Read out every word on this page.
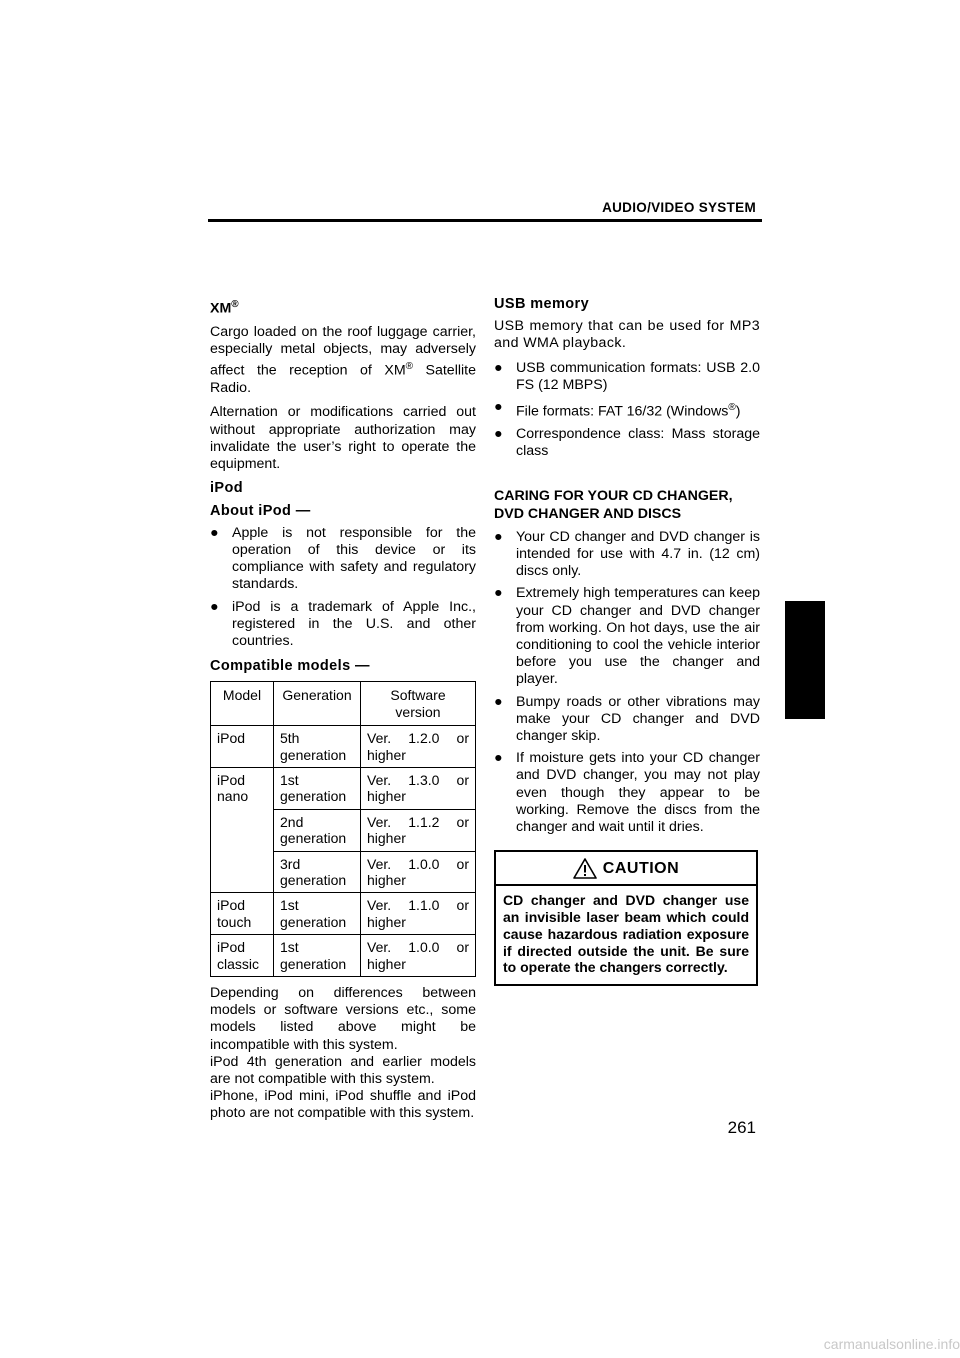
AUDIO/VIDEO SYSTEM
XM®

Cargo loaded on the roof luggage carrier, especially metal objects, may adversely affect the reception of XM® Satellite Radio.

Alternation or modifications carried out without appropriate authorization may invalidate the user’s right to operate the equipment.

iPod
About iPod —
● Apple is not responsible for the operation of this device or its compliance with safety and regulatory standards.
● iPod is a trademark of Apple Inc., registered in the U.S. and other countries.
Compatible models —
Model	Generation	Software version
iPod	5th generation	Ver. 1.2.0 or
higher

iPod nano	1st generation	Ver. 1.3.0 or
higher

	2nd generation	Ver. 1.1.2 or
higher

	3rd generation	Ver. 1.0.0 or
higher

iPod touch	1st generation	Ver. 1.1.0 or
higher

iPod classic	1st generation	Ver. 1.0.0 or
higher
Depending on differences between models or software versions etc., some models listed above might be incompatible with this system.
iPod 4th generation and earlier models are not compatible with this system.
iPhone, iPod mini, iPod shuffle and iPod photo are not compatible with this system.
USB memory

USB memory that can be used for MP3 and WMA playback.

● USB communication formats: USB 2.0 FS (12 MBPS)
● File formats: FAT 16/32 (Windows®)
● Correspondence class: Mass storage class
CARING FOR YOUR CD CHANGER, DVD CHANGER AND DISCS
● Your CD changer and DVD changer is intended for use with 4.7 in. (12 cm) discs only.
● Extremely high temperatures can keep your CD changer and DVD changer from working. On hot days, use the air conditioning to cool the vehicle interior before you use the changer and player.
● Bumpy roads or other vibrations may make your CD changer and DVD changer skip.
● If moisture gets into your CD changer and DVD changer, you may not play even though they appear to be working. Remove the discs from the changer and wait until it dries.
CAUTION
CD changer and DVD changer use an invisible laser beam which could cause hazardous radiation exposure if directed outside the unit. Be sure to operate the changers correctly.
261
carmanualsonline.info
